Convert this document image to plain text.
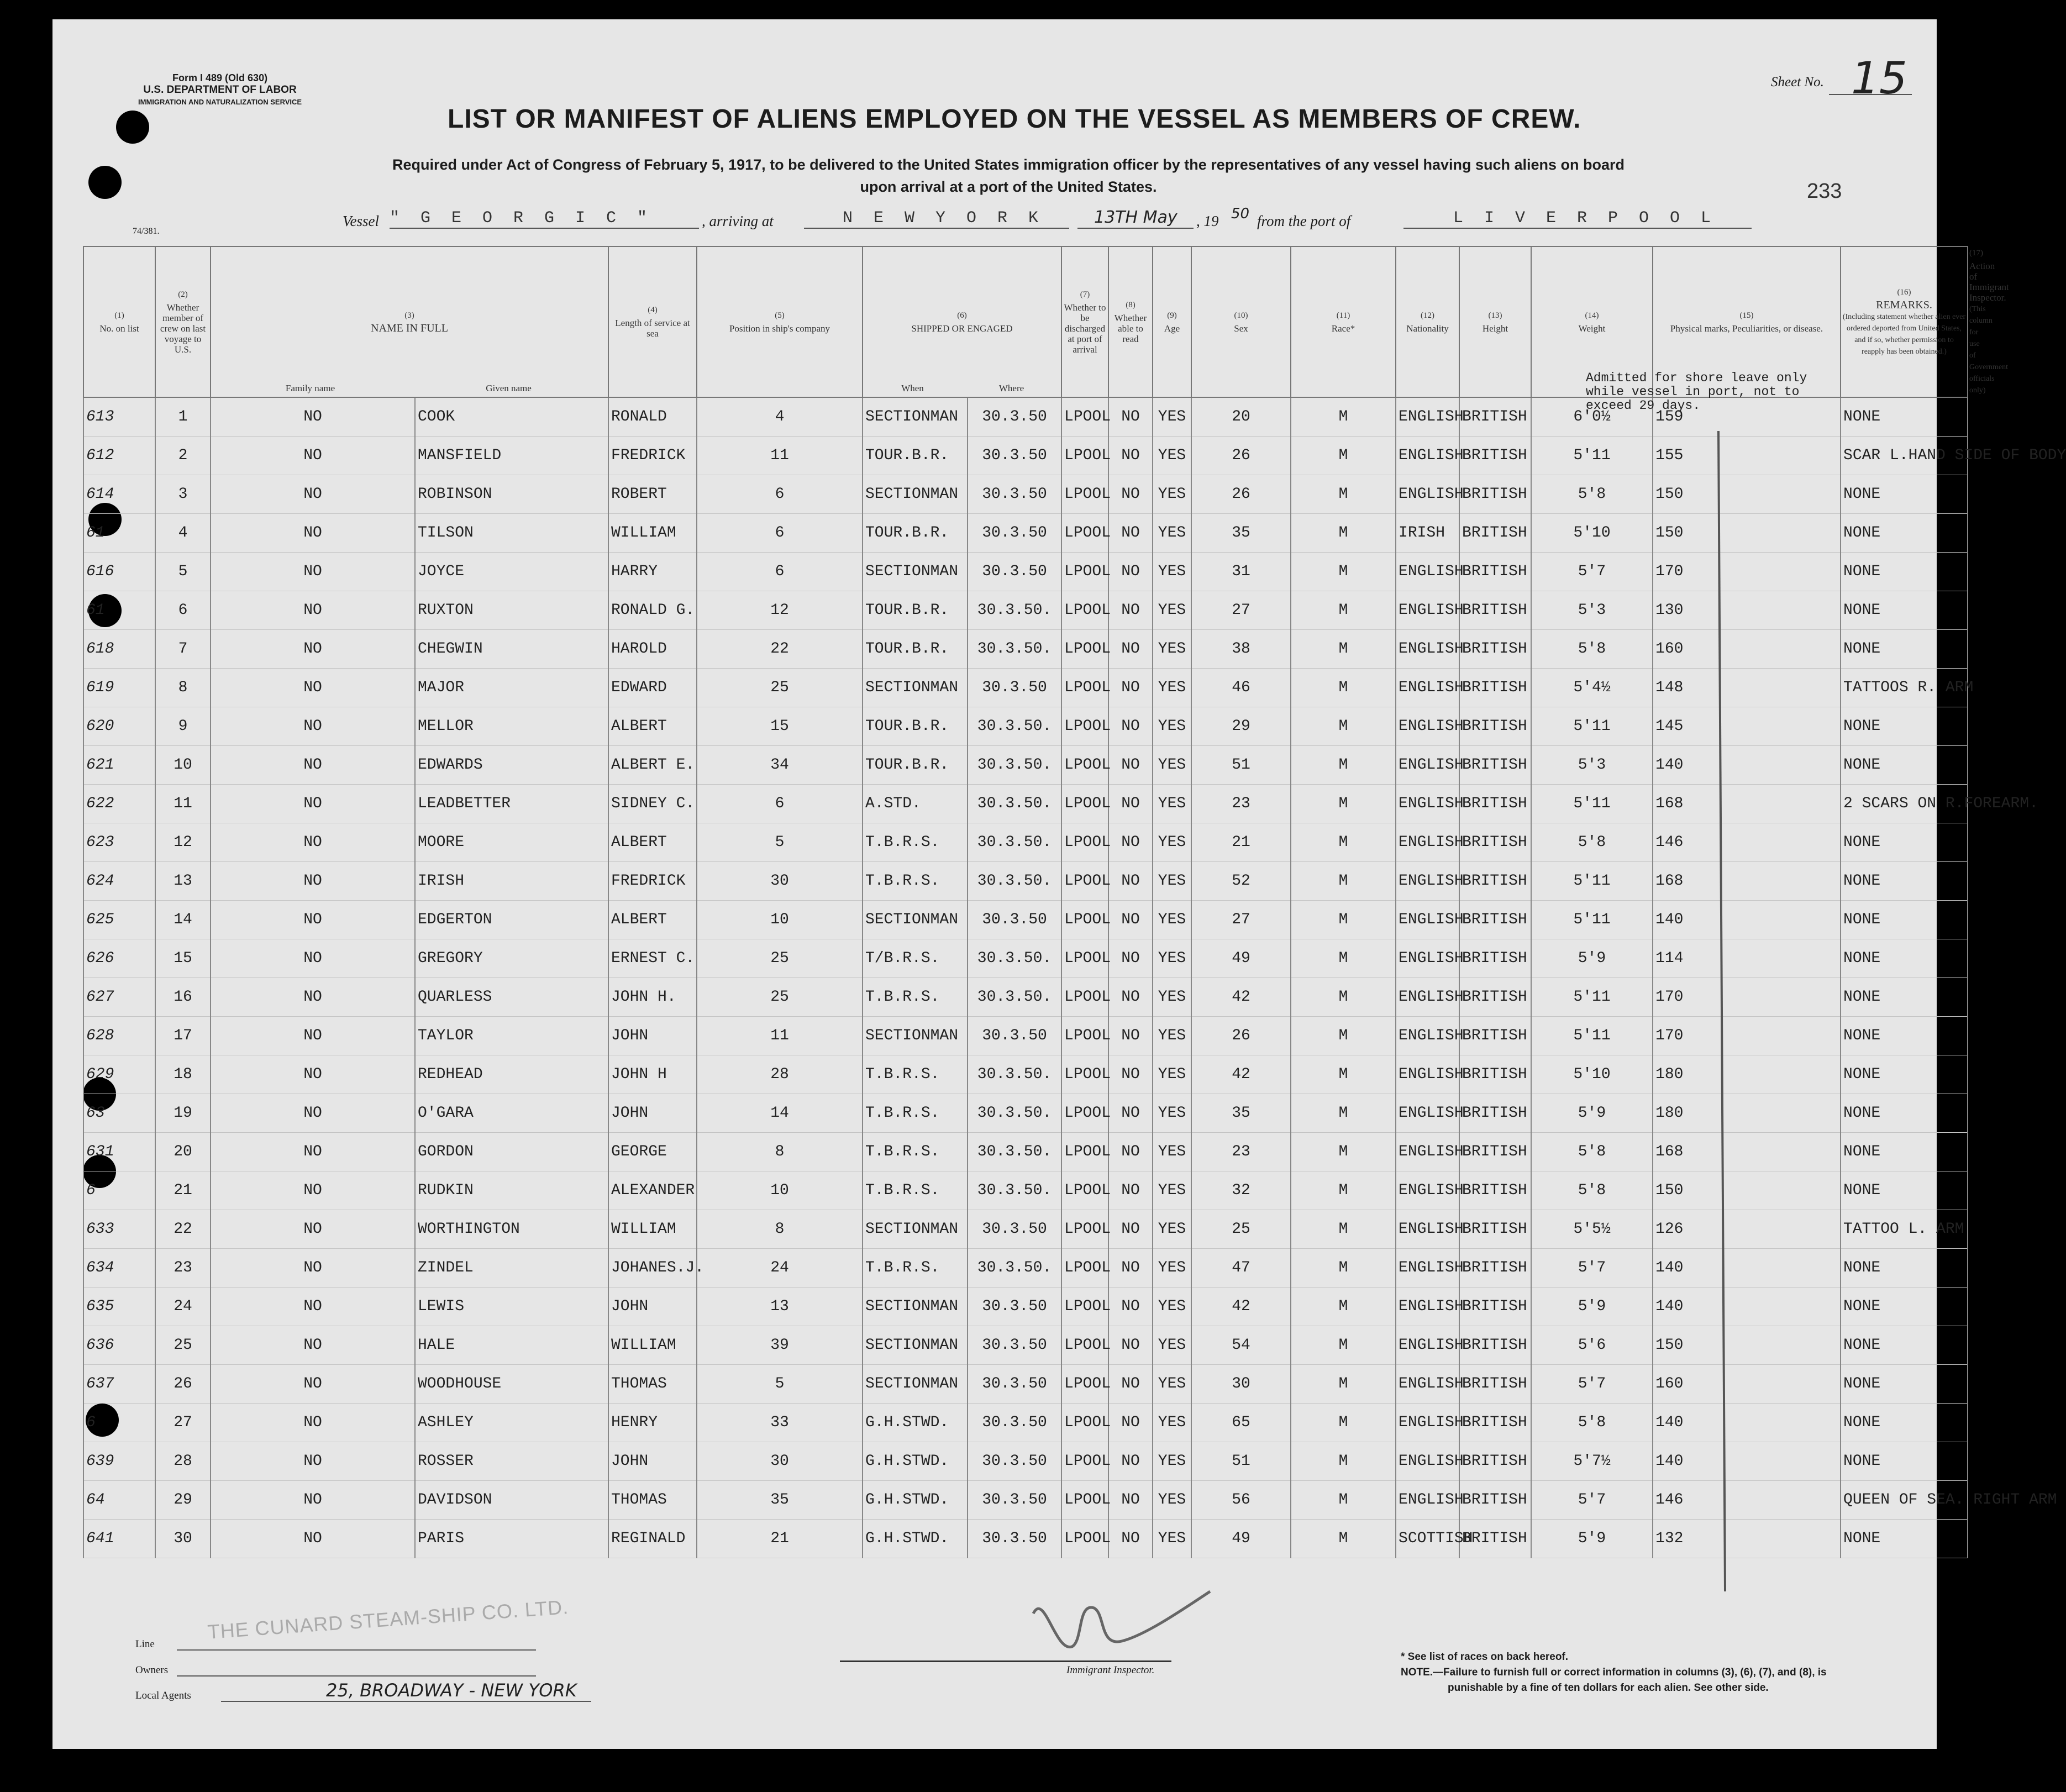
Form I 489 (Old 630)
U.S. DEPARTMENT OF LABOR
IMMIGRATION AND NATURALIZATION SERVICE
74/381.
Sheet No. 15
LIST OR MANIFEST OF ALIENS EMPLOYED ON THE VESSEL AS MEMBERS OF CREW.
Required under Act of Congress of February 5, 1917, to be delivered to the United States immigration officer by the representatives of any vessel having such aliens on board
upon arrival at a port of the United States.	233
Vessel " G E O R G I C "	, arriving at	N E W Y O R K	13TH May , 19 50 from the port of	L I V E R P O O L
(1)
No. on list	(2)
Whether member of crew on last voyage to U.S.	(3)
NAME IN FULL
Family name Given name		(4)
Length of service at sea	(5)
Position in ship's company	(6)
SHIPPED OR ENGAGED
When Where		(7)
Whether to be discharged at port of arrival	(8)
Whether able to read	(9)
Age	(10)
Sex	(11)
Race*	(12)
Nationality	(13)
Height	(14)
Weight	(15)
Physical marks, Peculiarities, or disease.	(16)
REMARKS.
(Including statement whether alien ever ordered deported from United States, and if so, whether permission to reapply has been obtained.)	(17)
Action of Immigrant Inspector.
(This column for use of Government officials only)
613	1	NO	COOK	RONALD	4	SECTIONMAN	30.3.50	LPOOL	NO	YES	20	M	ENGLISH	BRITISH	6'0½	159	NONE		
612	2	NO	MANSFIELD	FREDRICK	11	TOUR.B.R.	30.3.50	LPOOL	NO	YES	26	M	ENGLISH	BRITISH	5'11	155	SCAR L.HAND SIDE OF BODY		
614	3	NO	ROBINSON	ROBERT	6	SECTIONMAN	30.3.50	LPOOL	NO	YES	26	M	ENGLISH	BRITISH	5'8	150	NONE		
61	4	NO	TILSON	WILLIAM	6	TOUR.B.R.	30.3.50	LPOOL	NO	YES	35	M	IRISH	BRITISH	5'10	150	NONE		
616	5	NO	JOYCE	HARRY	6	SECTIONMAN	30.3.50	LPOOL	NO	YES	31	M	ENGLISH	BRITISH	5'7	170	NONE		
61	6	NO	RUXTON	RONALD G.	12	TOUR.B.R.	30.3.50.	LPOOL	NO	YES	27	M	ENGLISH	BRITISH	5'3	130	NONE		
618	7	NO	CHEGWIN	HAROLD	22	TOUR.B.R.	30.3.50.	LPOOL	NO	YES	38	M	ENGLISH	BRITISH	5'8	160	NONE		
619	8	NO	MAJOR	EDWARD	25	SECTIONMAN	30.3.50	LPOOL	NO	YES	46	M	ENGLISH	BRITISH	5'4½	148	TATTOOS R. ARM		
620	9	NO	MELLOR	ALBERT	15	TOUR.B.R.	30.3.50.	LPOOL	NO	YES	29	M	ENGLISH	BRITISH	5'11	145	NONE		
621	10	NO	EDWARDS	ALBERT E.	34	TOUR.B.R.	30.3.50.	LPOOL	NO	YES	51	M	ENGLISH	BRITISH	5'3	140	NONE		
622	11	NO	LEADBETTER	SIDNEY C.	6	A.STD.	30.3.50.	LPOOL	NO	YES	23	M	ENGLISH	BRITISH	5'11	168	2 SCARS ON R.FOREARM.		
623	12	NO	MOORE	ALBERT	5	T.B.R.S.	30.3.50.	LPOOL	NO	YES	21	M	ENGLISH	BRITISH	5'8	146	NONE		
624	13	NO	IRISH	FREDRICK	30	T.B.R.S.	30.3.50.	LPOOL	NO	YES	52	M	ENGLISH	BRITISH	5'11	168	NONE		
625	14	NO	EDGERTON	ALBERT	10	SECTIONMAN	30.3.50	LPOOL	NO	YES	27	M	ENGLISH	BRITISH	5'11	140	NONE		
626	15	NO	GREGORY	ERNEST C.	25	T/B.R.S.	30.3.50.	LPOOL	NO	YES	49	M	ENGLISH	BRITISH	5'9	114	NONE		
627	16	NO	QUARLESS	JOHN H.	25	T.B.R.S.	30.3.50.	LPOOL	NO	YES	42	M	ENGLISH	BRITISH	5'11	170	NONE		
628	17	NO	TAYLOR	JOHN	11	SECTIONMAN	30.3.50	LPOOL	NO	YES	26	M	ENGLISH	BRITISH	5'11	170	NONE		
629	18	NO	REDHEAD	JOHN H	28	T.B.R.S.	30.3.50.	LPOOL	NO	YES	42	M	ENGLISH	BRITISH	5'10	180	NONE		
63	19	NO	O'GARA	JOHN	14	T.B.R.S.	30.3.50.	LPOOL	NO	YES	35	M	ENGLISH	BRITISH	5'9	180	NONE		
631	20	NO	GORDON	GEORGE	8	T.B.R.S.	30.3.50.	LPOOL	NO	YES	23	M	ENGLISH	BRITISH	5'8	168	NONE		
6	21	NO	RUDKIN	ALEXANDER	10	T.B.R.S.	30.3.50.	LPOOL	NO	YES	32	M	ENGLISH	BRITISH	5'8	150	NONE		
633	22	NO	WORTHINGTON	WILLIAM	8	SECTIONMAN	30.3.50	LPOOL	NO	YES	25	M	ENGLISH	BRITISH	5'5½	126	TATTOO L. ARM		
634	23	NO	ZINDEL	JOHANES.J.	24	T.B.R.S.	30.3.50.	LPOOL	NO	YES	47	M	ENGLISH	BRITISH	5'7	140	NONE		
635	24	NO	LEWIS	JOHN	13	SECTIONMAN	30.3.50	LPOOL	NO	YES	42	M	ENGLISH	BRITISH	5'9	140	NONE		
636	25	NO	HALE	WILLIAM	39	SECTIONMAN	30.3.50	LPOOL	NO	YES	54	M	ENGLISH	BRITISH	5'6	150	NONE		
637	26	NO	WOODHOUSE	THOMAS	5	SECTIONMAN	30.3.50	LPOOL	NO	YES	30	M	ENGLISH	BRITISH	5'7	160	NONE		
6	27	NO	ASHLEY	HENRY	33	G.H.STWD.	30.3.50	LPOOL	NO	YES	65	M	ENGLISH	BRITISH	5'8	140	NONE		
639	28	NO	ROSSER	JOHN	30	G.H.STWD.	30.3.50	LPOOL	NO	YES	51	M	ENGLISH	BRITISH	5'7½	140	NONE		
64	29	NO	DAVIDSON	THOMAS	35	G.H.STWD.	30.3.50	LPOOL	NO	YES	56	M	ENGLISH	BRITISH	5'7	146	QUEEN OF SEA. RIGHT ARM		
641	30	NO	PARIS	REGINALD	21	G.H.STWD.	30.3.50	LPOOL	NO	YES	49	M	SCOTTISH	BRITISH	5'9	132	NONE		
Admitted for shore leave only while vessel in port, not to exceed 29 days.
Line
Owners
THE CUNARD STEAM-SHIP CO. LTD.
Local Agents	25, BROADWAY - NEW YORK
Immigrant Inspector.
* See list of races on back hereof.
NOTE.—Failure to furnish full or correct information in columns (3), (6), (7), and (8), is
punishable by a fine of ten dollars for each alien. See other side.
